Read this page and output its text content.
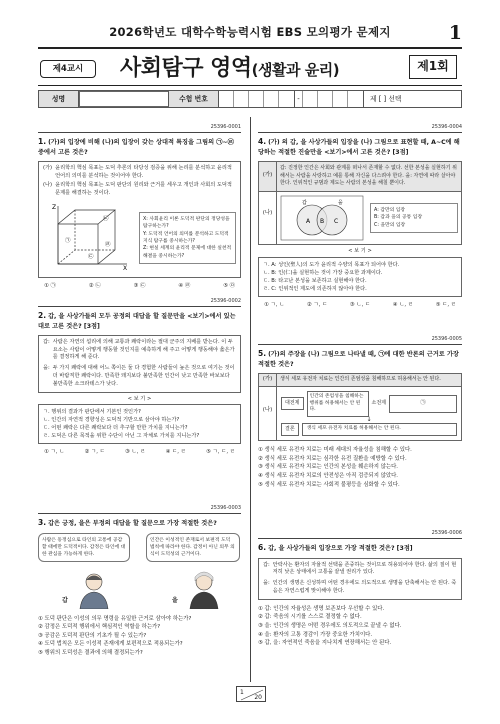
2026학년도 대학수학능력시험 EBS 모의평가 문제지	1
제4교시	사회탐구 영역(생활과 윤리)	제1회
성명	수험 번호	-	제 [ ] 선택
25396-0001
1. (가)의 입장에 비해 (나)의 입장이 갖는 상대적 특징을 그림의 ㉠~㉣ 중에서 고른 것은?
(가) 윤리학의 핵심 목표는 도덕 추론의 타당성 검증을 위해 논리를 분석하고 윤리적 언어의 의미를 분석하는 것이어야 한다.
(나) 윤리학의 핵심 목표는 도덕 판단의 원리와 근거를 세우고 개인과 사회의 도덕적 문제를 해결하는 것이다.
X
Z
㉠
㉡
㉢
㉣
X: 사회윤리 이론 도덕적 판단의 정당성을 탐구하는가?
Y: 도덕적 언어의 의미를 분석하고 도덕적 지식 탐구를 중시하는가?
Z: 현실 세계의 윤리적 문제에 대한 실천적 해결을 중시하는가?
① ㉠	② ㉡	③ ㉢	④ ㉣	⑤ ㉤
25396-0002
2. 갑, 을 사상가들의 모두 공정의 대답을 할 질문만을 <보기>에서 있는 대로 고른 것은? [3점]
갑: 사람은 자연의 섭리에 의해 교통과 쾌락이라는 절대 군주의 지배를 받는다. 이 두 요소는 사람이 어떻게 행동할 것인지를 예측하게 해 주고 어떻게 행동해야 옳은가를 결정하게 해 준다.
을: 두 가지 쾌락에 대해 어느 쪽이든 둘 다 경험한 사람들이 높은 것으로 여기는 것이 더 바람직한 쾌락이다. 만족한 돼지보다 불만족한 인간이 낫고 만족한 바보보다 불만족한 소크라테스가 낫다.
< 보 기 >
ㄱ. 행위의 결과가 판단에서 기본인 것인가?
ㄴ. 인간의 자연적 경향성은 도덕적 기반으로 삼아야 하는가?
ㄷ. 어떤 쾌락은 다른 쾌락보다 더 추구할 만한 가치를 지니는가?
ㄹ. 도덕은 다른 목적을 위한 수단이 아닌 그 자체로 가치를 지니는가?
① ㄱ, ㄴ	② ㄱ, ㄷ	③ ㄴ, ㄹ	④ ㄷ, ㄹ	⑤ ㄱ, ㄷ, ㄹ
25396-0003
3. 갑은 긍정, 을은 부정의 대답을 할 질문으로 가장 적절한 것은?
사람은 동정심으로 타인의 고통에 공감할 때에만 도덕적이다. 감정은 타인에 대한 관심을 가능하게 한다.
인간은 이성적인 존재로서 보편적 도덕 법칙에 따라야 한다. 감정이 아닌 의무 의식이 도덕성의 근거이다.
갑	을
① 도덕 판단은 이성의 의무 명령을 유일한 근거로 삼아야 하는가?
② 감정은 도덕적 행위에서 핵심적인 역할을 하는가?
③ 공감은 도덕적 판단의 기초가 될 수 있는가?
④ 도덕 법칙은 모든 이성적 존재에게 보편적으로 적용되는가?
⑤ 행위의 도덕성은 결과에 의해 결정되는가?
25396-0004
4. (가) 의 갑, 을 사상가들의 입장을 (나) 그림으로 표현할 때, A~C에 해당하는 적절한 진술만을 <보기>에서 고른 것은? [3점]
(가)
갑: 진정한 인간은 사회와 관계를 떠나서 존재할 수 없다. 선한 본성을 실현하기 위해서는 사람을 사랑하고 예를 통해 자신을 다스려야 한다. 을: 자연에 따라 살아야 한다. 인위적인 규범과 제도는 사람의 본성을 해칠 뿐이다.
(나)
A B C
갑	을
A: 갑만의 입장
B: 갑과 을의 공통 입장
C: 을만의 입장
< 보 기 >
ㄱ. A: 성인(聖人)의 도가 윤리적 수양의 목표가 되어야 한다.
ㄴ. B: 인(仁)을 실현하는 것이 가장 중요한 과제이다.
ㄷ. B: 타고난 본성을 보존하고 실현해야 한다.
ㄹ. C: 인위적인 제도에 의존하지 않아야 한다.
① ㄱ, ㄴ	② ㄱ, ㄷ	③ ㄴ, ㄷ	④ ㄴ, ㄹ	⑤ ㄷ, ㄹ
25396-0005
5. (가)의 주장을 (나) 그림으로 나타낼 때, ㉠에 대한 반론의 근거로 가장 적절한 것은?
(가)	생식 세포 유전자 치료는 인간의 존엄성을 침해하므로 허용해서는 안 된다.
(나)
대전제
인간의 존엄성을 침해하는 행위를 허용해서는 안 된다.
소전제	㉠
↓
결론	생식 세포 유전자 치료를 허용해서는 안 된다.
① 생식 세포 유전자 치료는 미래 세대의 자율성을 침해할 수 있다.
② 생식 세포 유전자 치료는 심각한 유전 질환을 예방할 수 있다.
③ 생식 세포 유전자 치료는 인간의 본성을 훼손하지 않는다.
④ 생식 세포 유전자 치료의 안전성은 아직 검증되지 않았다.
⑤ 생식 세포 유전자 치료는 사회적 불평등을 심화할 수 있다.
25396-0006
6. 갑, 을 사상가들의 입장으로 가장 적절한 것은? [3점]
갑: 안락사는 환자의 자율적 선택을 존중하는 것이므로 허용되어야 한다. 삶의 질이 현저히 낮은 상태에서 고통을 끝낼 권리가 있다.
을: 인간의 생명은 신성하며 어떤 경우에도 의도적으로 생명을 단축해서는 안 된다. 죽음은 자연스럽게 맞이해야 한다.
① 갑: 인간의 자율성은 생명 보존보다 우선할 수 있다.
② 갑: 죽음의 시기를 스스로 결정할 수 없다.
③ 을: 인간의 생명은 어떤 경우에도 의도적으로 끝낼 수 없다.
④ 을: 환자의 고통 경감이 가장 중요한 가치이다.
⑤ 갑, 을: 자연적인 죽음을 지나치게 연장해서는 안 된다.
1
20
